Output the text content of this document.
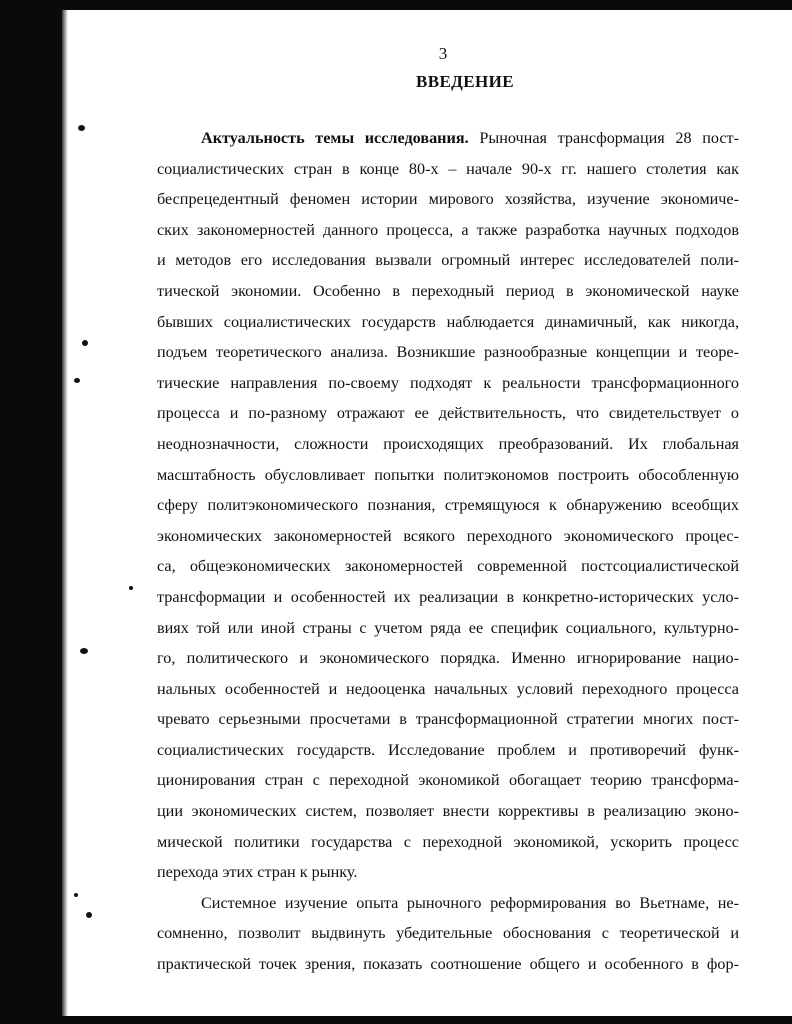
3
ВВЕДЕНИЕ
Актуальность темы исследования. Рыночная трансформация 28 пост-
социалистических стран в конце 80-х – начале 90-х гг. нашего столетия как
беспрецедентный феномен истории мирового хозяйства, изучение экономиче-
ских закономерностей данного процесса, а также разработка научных подходов
и методов его исследования вызвали огромный интерес исследователей поли-
тической экономии. Особенно в переходный период в экономической науке
бывших социалистических государств наблюдается динамичный, как никогда,
подъем теоретического анализа. Возникшие разнообразные концепции и теоре-
тические направления по-своему подходят к реальности трансформационного
процесса и по-разному отражают ее действительность, что свидетельствует о
неоднозначности, сложности происходящих преобразований. Их глобальная
масштабность обусловливает попытки политэкономов построить обособленную
сферу политэкономического познания, стремящуюся к обнаружению всеобщих
экономических закономерностей всякого переходного экономического процес-
са, общеэкономических закономерностей современной постсоциалистической
трансформации и особенностей их реализации в конкретно-исторических усло-
виях той или иной страны с учетом ряда ее специфик социального, культурно-
го, политического и экономического порядка. Именно игнорирование нацио-
нальных особенностей и недооценка начальных условий переходного процесса
чревато серьезными просчетами в трансформационной стратегии многих пост-
социалистических государств. Исследование проблем и противоречий функ-
ционирования стран с переходной экономикой обогащает теорию трансформа-
ции экономических систем, позволяет внести коррективы в реализацию эконо-
мической политики государства с переходной экономикой, ускорить процесс
перехода этих стран к рынку.
Системное изучение опыта рыночного реформирования во Вьетнаме, не-
сомненно, позволит выдвинуть убедительные обоснования с теоретической и
практической точек зрения, показать соотношение общего и особенного в фор-
